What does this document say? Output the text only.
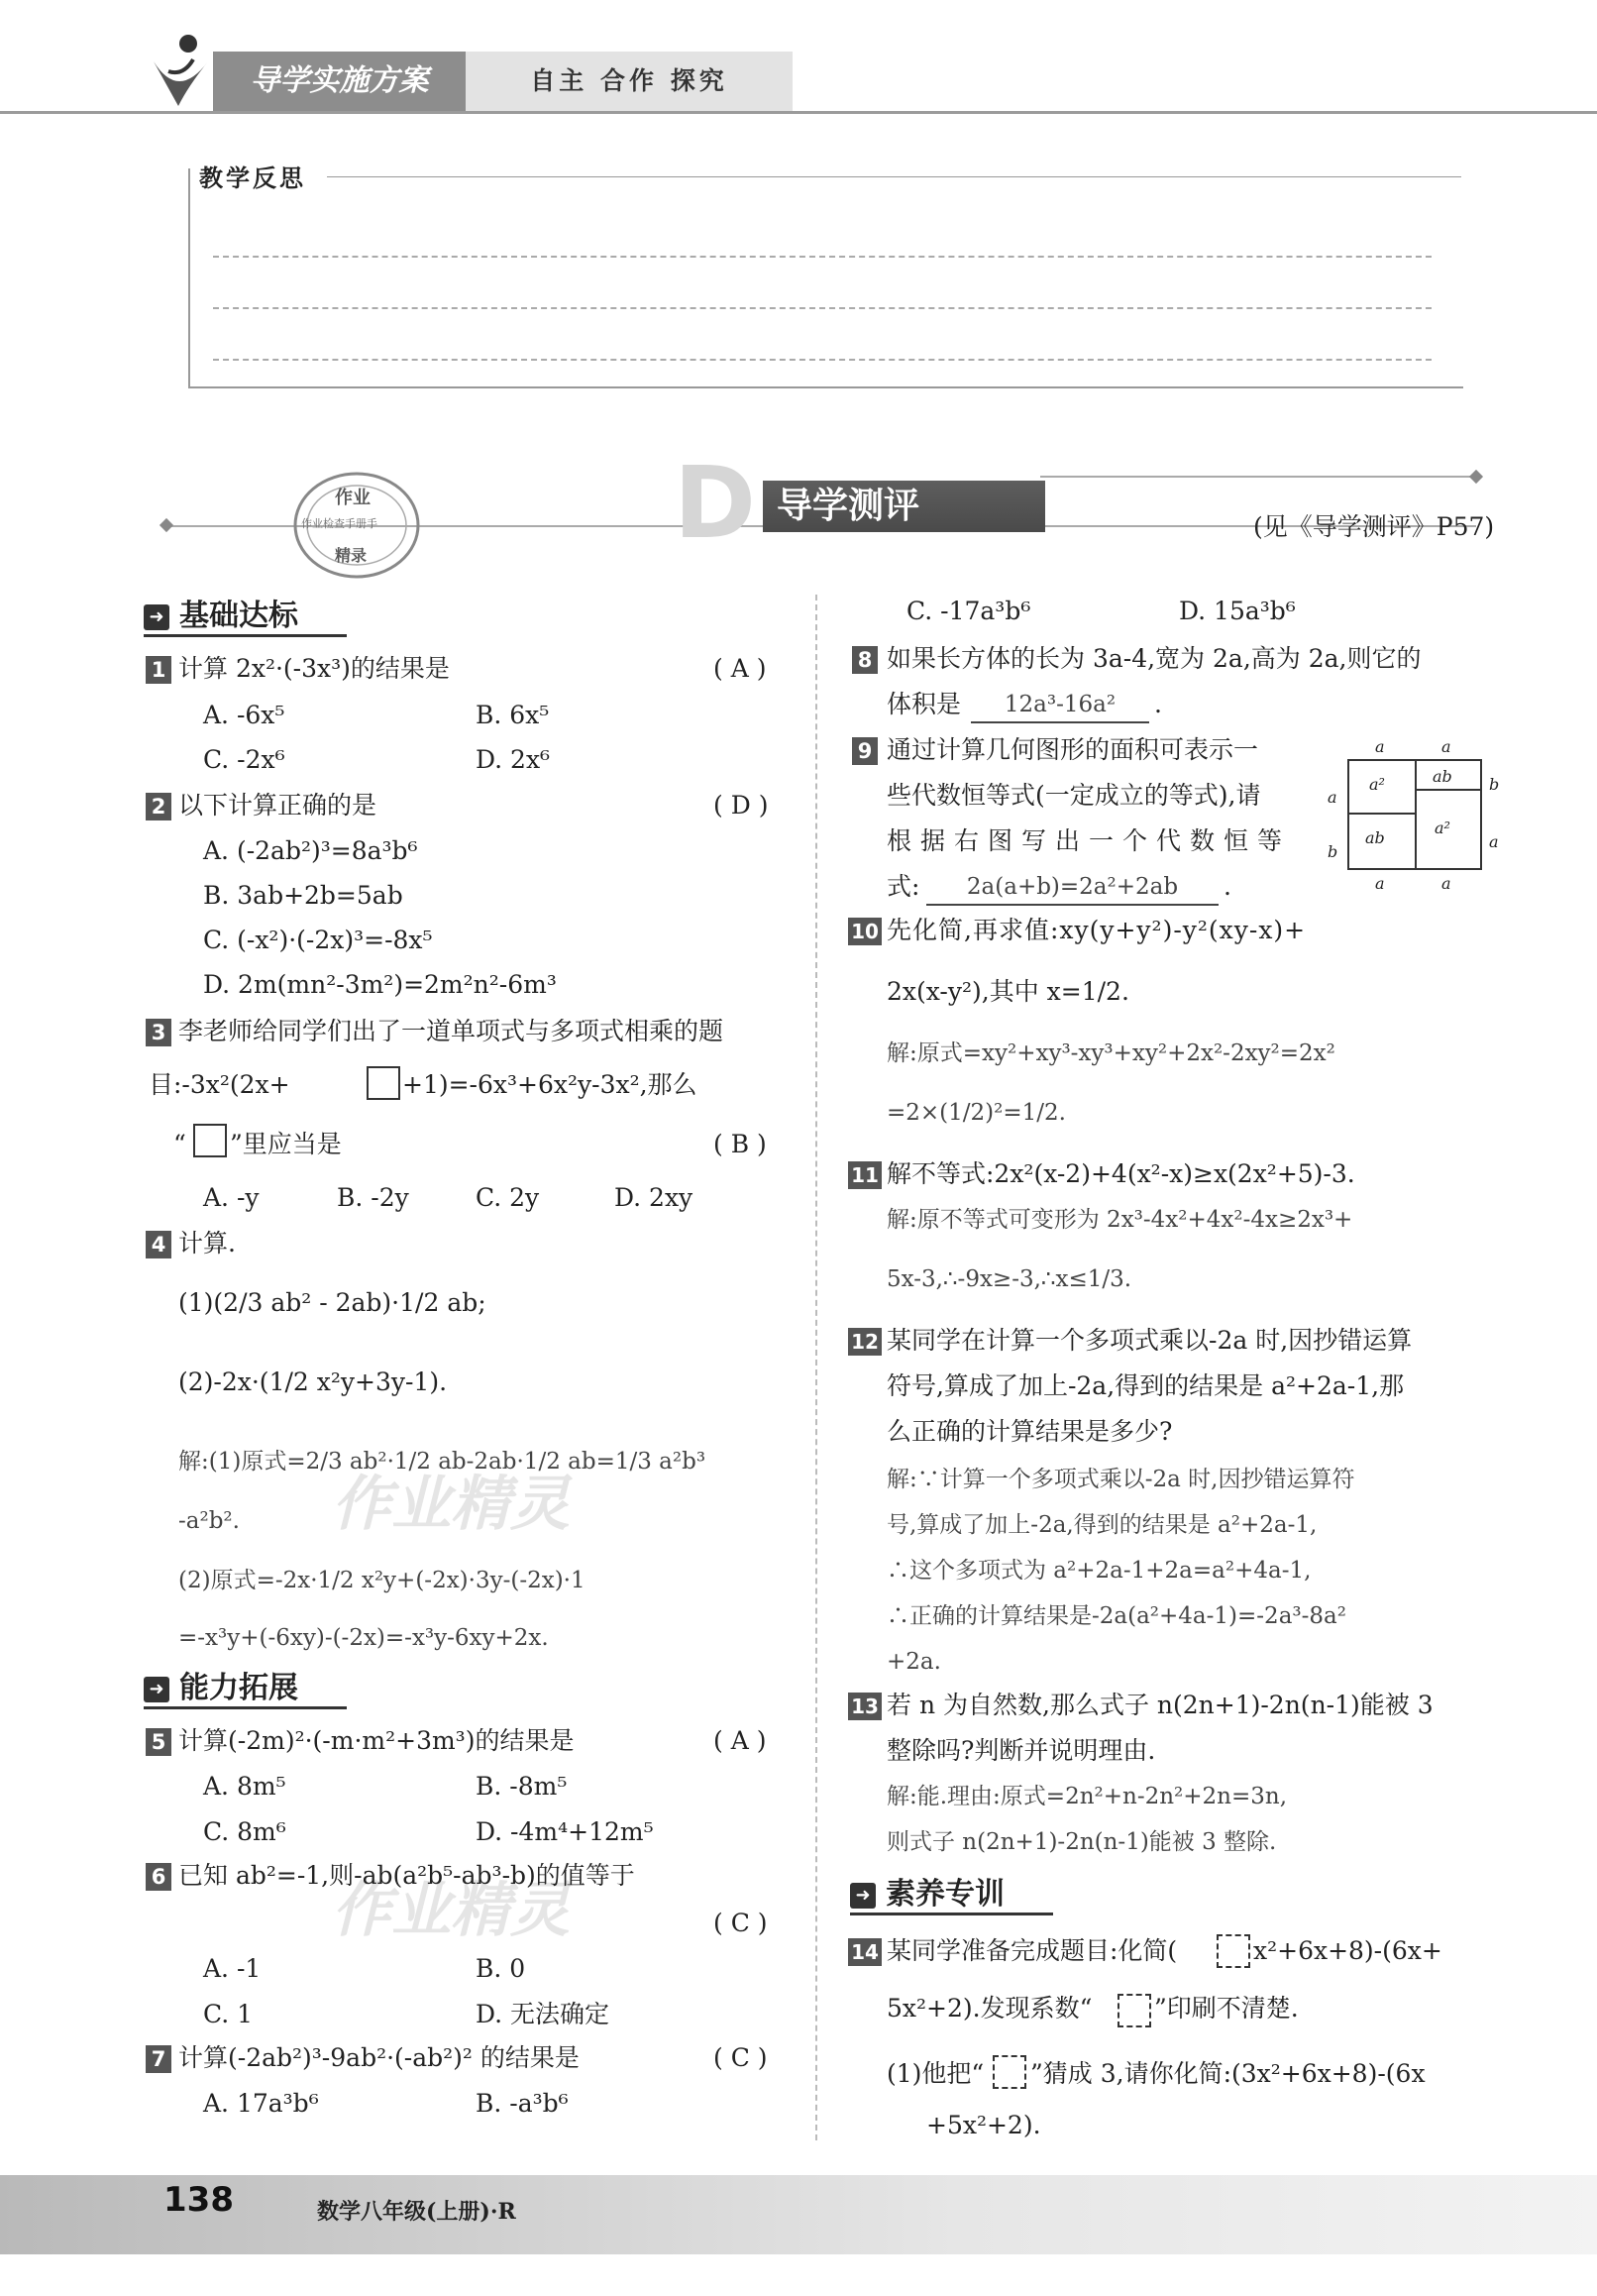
导学实施方案	自主 合作 探究
教学反思
D 导学测评
(见《导学测评》P57)
作业
作业检查手册手
精录
作业精灵
作业精灵
➜ 基础达标
1 计算 2x²·(-3x³)的结果是	( A )
A. -6x⁵	B. 6x⁵
C. -2x⁶	D. 2x⁶
2 以下计算正确的是	( D )
A. (-2ab²)³=8a³b⁶
B. 3ab+2b=5ab
C. (-x²)·(-2x)³=-8x⁵
D. 2m(mn²-3m²)=2m²n²-6m³
3 李老师给同学们出了一道单项式与多项式相乘的题
目:-3x²(2x+	+1)=-6x³+6x²y-3x²,那么
“ ”里应当是	( B )
A. -y	B. -2y	C. 2y	D. 2xy
4 计算.
(1)(2/3 ab² - 2ab)·1/2 ab;
(2)-2x·(1/2 x²y+3y-1).
解:(1)原式=2/3 ab²·1/2 ab-2ab·1/2 ab=1/3 a²b³
-a²b².
(2)原式=-2x·1/2 x²y+(-2x)·3y-(-2x)·1
=-x³y+(-6xy)-(-2x)=-x³y-6xy+2x.
➜ 能力拓展
5 计算(-2m)²·(-m·m²+3m³)的结果是	( A )
A. 8m⁵	B. -8m⁵
C. 8m⁶	D. -4m⁴+12m⁵
6 已知 ab²=-1,则-ab(a²b⁵-ab³-b)的值等于
( C )
A. -1	B. 0
C. 1	D. 无法确定
7 计算(-2ab²)³-9ab²·(-ab²)² 的结果是	( C )
A. 17a³b⁶	B. -a³b⁶
C. -17a³b⁶	D. 15a³b⁶
8 如果长方体的长为 3a-4,宽为 2a,高为 2a,则它的
体积是	12a³-16a²	.
9 通过计算几何图形的面积可表示一
些代数恒等式(一定成立的等式),请
根据右图写出一个代数恒等
式:	2a(a+b)=2a²+2ab	.
a²	ab
ab
a²
a	a
a
b
b
a
a	a
10 先化简,再求值:xy(y+y²)-y²(xy-x)+
2x(x-y²),其中 x=1/2.
解:原式=xy²+xy³-xy³+xy²+2x²-2xy²=2x²
=2×(1/2)²=1/2.
11 解不等式:2x²(x-2)+4(x²-x)≥x(2x²+5)-3.
解:原不等式可变形为 2x³-4x²+4x²-4x≥2x³+
5x-3,∴-9x≥-3,∴x≤1/3.
12 某同学在计算一个多项式乘以-2a 时,因抄错运算
符号,算成了加上-2a,得到的结果是 a²+2a-1,那
么正确的计算结果是多少?
解:∵计算一个多项式乘以-2a 时,因抄错运算符
号,算成了加上-2a,得到的结果是 a²+2a-1,
∴这个多项式为 a²+2a-1+2a=a²+4a-1,
∴正确的计算结果是-2a(a²+4a-1)=-2a³-8a²
+2a.
13 若 n 为自然数,那么式子 n(2n+1)-2n(n-1)能被 3
整除吗?判断并说明理由.
解:能.理由:原式=2n²+n-2n²+2n=3n,
则式子 n(2n+1)-2n(n-1)能被 3 整除.
➜ 素养专训
14 某同学准备完成题目:化简(	x²+6x+8)-(6x+
5x²+2).发现系数“	”印刷不清楚.
(1)他把“ ”猜成 3,请你化简:(3x²+6x+8)-(6x
+5x²+2).
138	数学八年级(上册)·R
